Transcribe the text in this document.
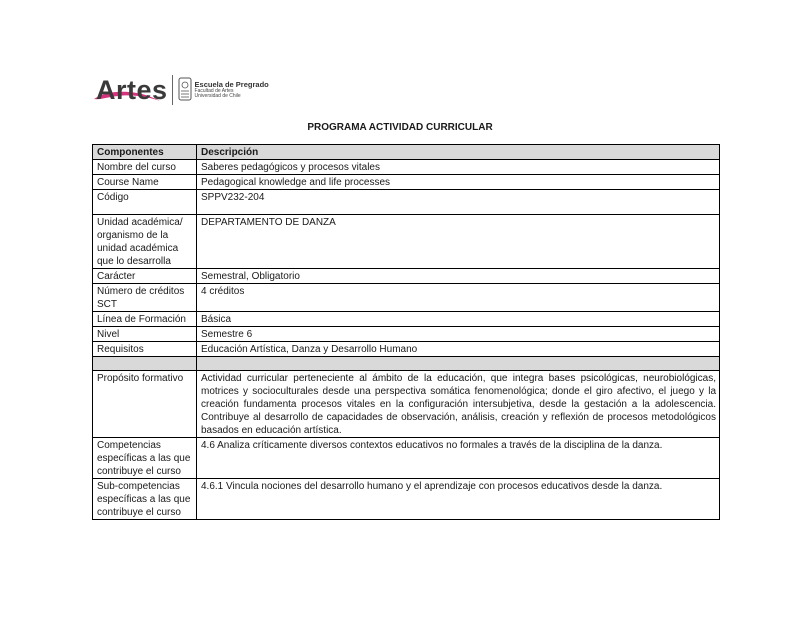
Artes	Escuela de Pregrado
Facultad de Artes
Universidad de Chile
PROGRAMA ACTIVIDAD CURRICULAR
Componentes	Descripción
Nombre del curso	Saberes pedagógicos y procesos vitales
Course Name	Pedagogical knowledge and life processes
Código	SPPV232-204
Unidad académica/ organismo de la unidad académica que lo desarrolla	DEPARTAMENTO DE DANZA
Carácter	Semestral, Obligatorio
Número de créditos SCT	4 créditos
Línea de Formación	Básica
Nivel	Semestre 6
Requisitos	Educación Artística, Danza y Desarrollo Humano

Propósito formativo	Actividad curricular perteneciente al ámbito de la educación, que integra bases psicológicas, neurobiológicas, motrices y socioculturales desde una perspectiva somática fenomenológica; donde el giro afectivo, el juego y la creación fundamenta procesos vitales en la configuración intersubjetiva, desde la gestación a la adolescencia. Contribuye al desarrollo de capacidades de observación, análisis, creación y reflexión de procesos metodológicos basados en educación artística.
Competencias específicas a las que contribuye el curso	4.6 Analiza críticamente diversos contextos educativos no formales a través de la disciplina de la danza.
Sub-competencias específicas a las que contribuye el curso	4.6.1 Vincula nociones del desarrollo humano y el aprendizaje con procesos educativos desde la danza.
